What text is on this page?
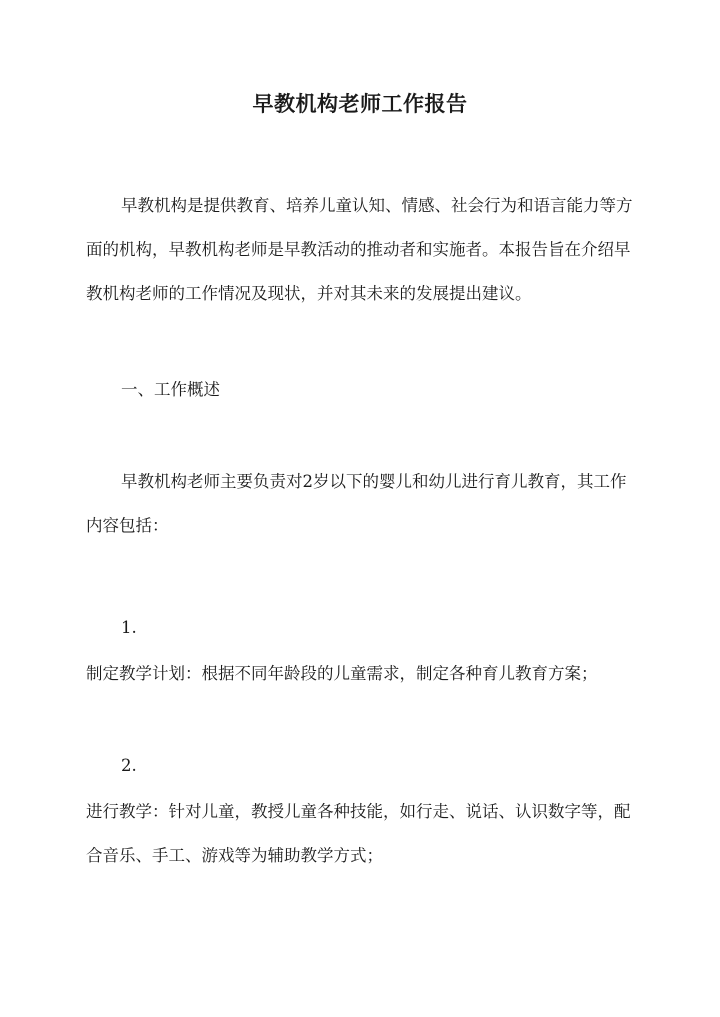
早教机构老师工作报告

早教机构是提供教育、培养儿童认知、情感、社会行为和语言能力等方面的机构，早教机构老师是早教活动的推动者和实施者。本报告旨在介绍早教机构老师的工作情况及现状，并对其未来的发展提出建议。

一、工作概述

早教机构老师主要负责对2岁以下的婴儿和幼儿进行育儿教育，其工作内容包括：

1.

制定教学计划：根据不同年龄段的儿童需求，制定各种育儿教育方案；

2.

进行教学：针对儿童，教授儿童各种技能，如行走、说话、认识数字等，配合音乐、手工、游戏等为辅助教学方式；
